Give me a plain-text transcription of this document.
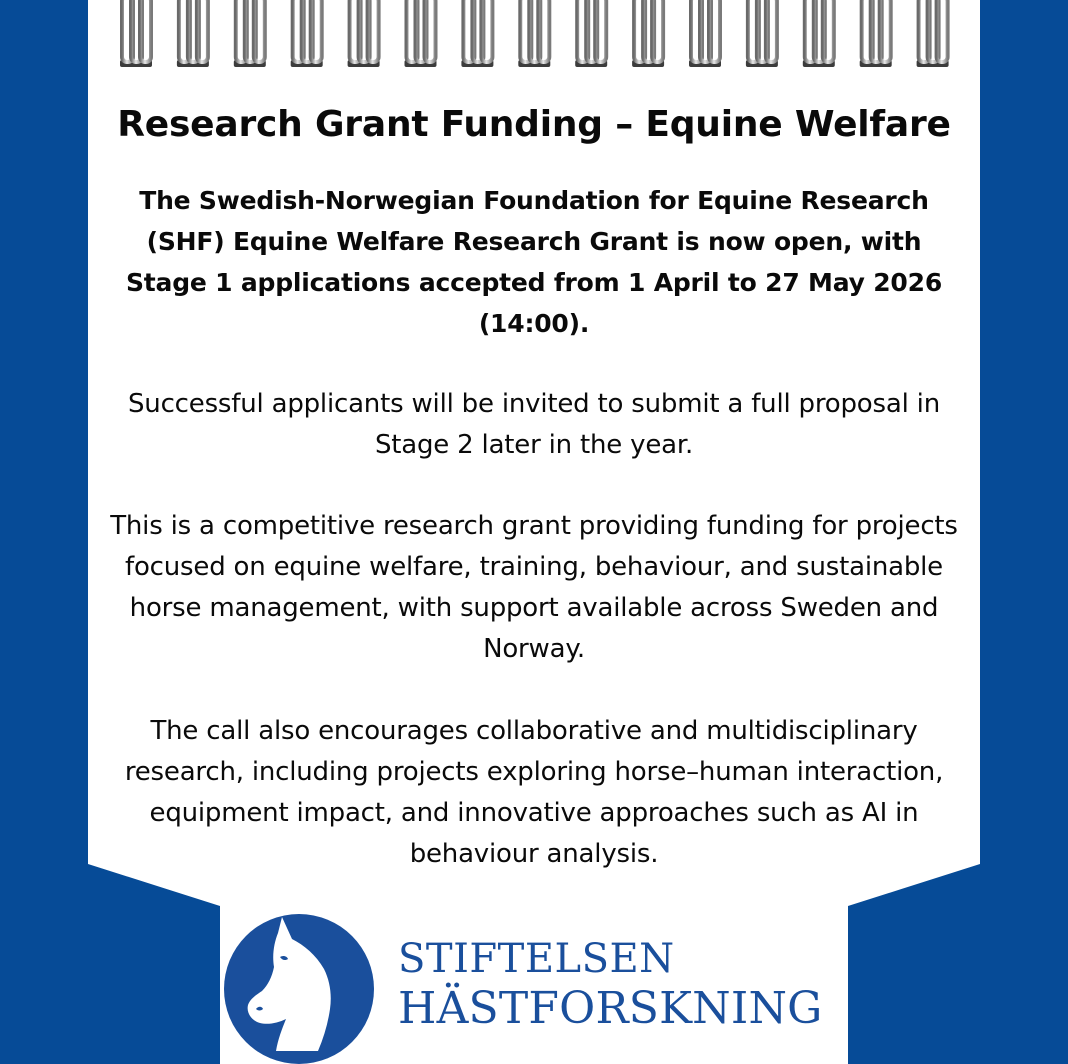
Research Grant Funding – Equine Welfare

The Swedish-Norwegian Foundation for Equine Research (SHF) Equine Welfare Research Grant is now open, with Stage 1 applications accepted from 1 April to 27 May 2026 (14:00).

Successful applicants will be invited to submit a full proposal in Stage 2 later in the year.

This is a competitive research grant providing funding for projects focused on equine welfare, training, behaviour, and sustainable horse management, with support available across Sweden and Norway.

The call also encourages collaborative and multidisciplinary research, including projects exploring horse–human interaction, equipment impact, and innovative approaches such as AI in behaviour analysis.

STIFTELSEN

HÄSTFORSKNING
